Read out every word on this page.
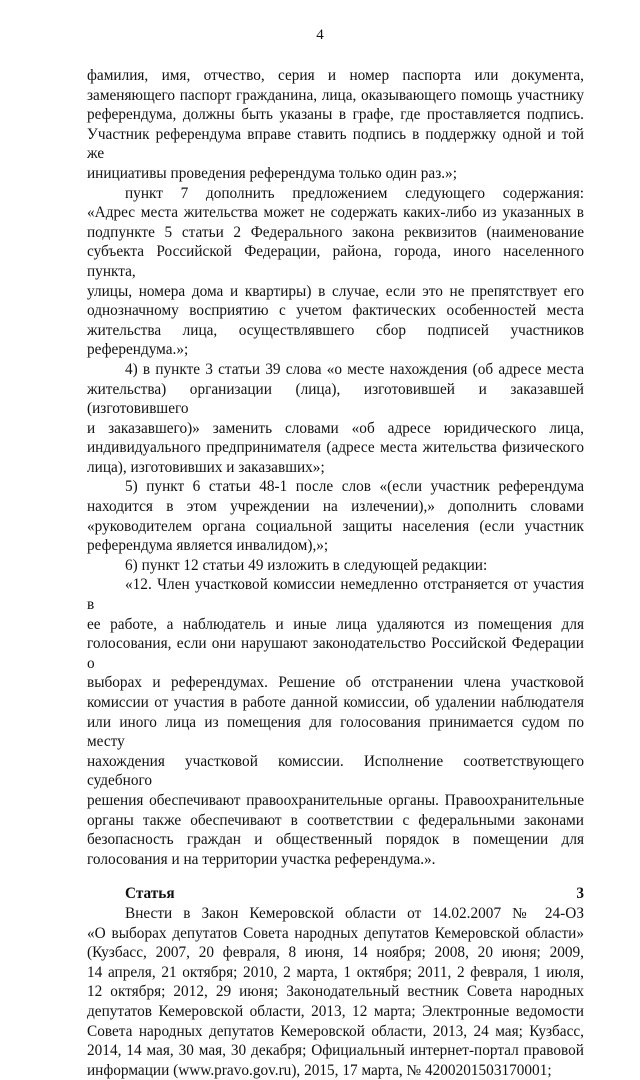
4

фамилия, имя, отчество, серия и номер паспорта или документа,

заменяющего паспорт гражданина, лица, оказывающего помощь участнику

референдума, должны быть указаны в графе, где проставляется подпись.

Участник референдума вправе ставить подпись в поддержку одной и той же

инициативы проведения референдума только один раз.»;

пункт 7 дополнить предложением следующего содержания:

«Адрес места жительства может не содержать каких-либо из указанных в

подпункте 5 статьи 2 Федерального закона реквизитов (наименование

субъекта Российской Федерации, района, города, иного населенного пункта,

улицы, номера дома и квартиры) в случае, если это не препятствует его

однозначному восприятию с учетом фактических особенностей места

жительства лица, осуществлявшего сбор подписей участников

референдума.»;

4) в пункте 3 статьи 39 слова «о месте нахождения (об адресе места

жительства) организации (лица), изготовившей и заказавшей (изготовившего

и заказавшего)» заменить словами «об адресе юридического лица,

индивидуального предпринимателя (адресе места жительства физического

лица), изготовивших и заказавших»;

5) пункт 6 статьи 48-1 после слов «(если участник референдума

находится в этом учреждении на излечении),» дополнить словами

«руководителем органа социальной защиты населения (если участник

референдума является инвалидом),»;

6) пункт 12 статьи 49 изложить в следующей редакции:

«12. Член участковой комиссии немедленно отстраняется от участия в

ее работе, а наблюдатель и иные лица удаляются из помещения для

голосования, если они нарушают законодательство Российской Федерации о

выборах и референдумах. Решение об отстранении члена участковой

комиссии от участия в работе данной комиссии, об удалении наблюдателя

или иного лица из помещения для голосования принимается судом по месту

нахождения участковой комиссии. Исполнение соответствующего судебного

решения обеспечивают правоохранительные органы. Правоохранительные

органы также обеспечивают в соответствии с федеральными законами

безопасность граждан и общественный порядок в помещении для

голосования и на территории участка референдума.».

Статья 3

Внести в Закон Кемеровской области от 14.02.2007 № 24-ОЗ

«О выборах депутатов Совета народных депутатов Кемеровской области»

(Кузбасс, 2007, 20 февраля, 8 июня, 14 ноября; 2008, 20 июня; 2009,

14 апреля, 21 октября; 2010, 2 марта, 1 октября; 2011, 2 февраля, 1 июля,

12 октября; 2012, 29 июня; Законодательный вестник Совета народных

депутатов Кемеровской области, 2013, 12 марта; Электронные ведомости

Совета народных депутатов Кемеровской области, 2013, 24 мая; Кузбасс,

2014, 14 мая, 30 мая, 30 декабря; Официальный интернет-портал правовой

информации (www.pravo.gov.ru), 2015, 17 марта, № 4200201503170001;
